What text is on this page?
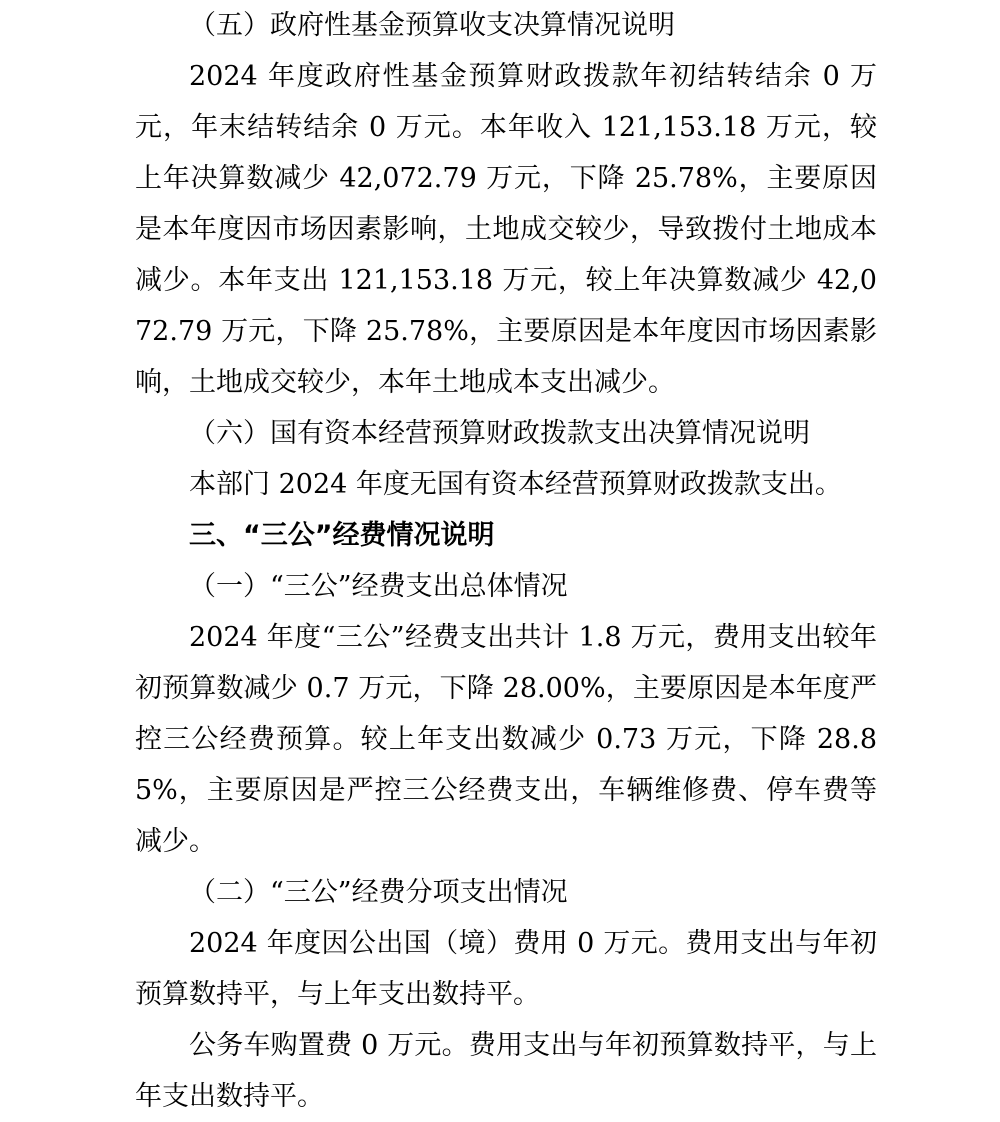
（五）政府性基金预算收支决算情况说明

2024 年度政府性基金预算财政拨款年初结转结余 0 万元，年末结转结余 0 万元。本年收入 121,153.18 万元，较上年决算数减少 42,072.79 万元，下降 25.78%，主要原因是本年度因市场因素影响，土地成交较少，导致拨付土地成本减少。本年支出 121,153.18 万元，较上年决算数减少 42,072.79 万元，下降 25.78%，主要原因是本年度因市场因素影响，土地成交较少，本年土地成本支出减少。

（六）国有资本经营预算财政拨款支出决算情况说明

本部门 2024 年度无国有资本经营预算财政拨款支出。

三、“三公”经费情况说明

（一）“三公”经费支出总体情况

2024 年度“三公”经费支出共计 1.8 万元，费用支出较年初预算数减少 0.7 万元，下降 28.00%，主要原因是本年度严控三公经费预算。较上年支出数减少 0.73 万元，下降 28.85%，主要原因是严控三公经费支出，车辆维修费、停车费等减少。

（二）“三公”经费分项支出情况

2024 年度因公出国（境）费用 0 万元。费用支出与年初预算数持平，与上年支出数持平。

公务车购置费 0 万元。费用支出与年初预算数持平，与上年支出数持平。
